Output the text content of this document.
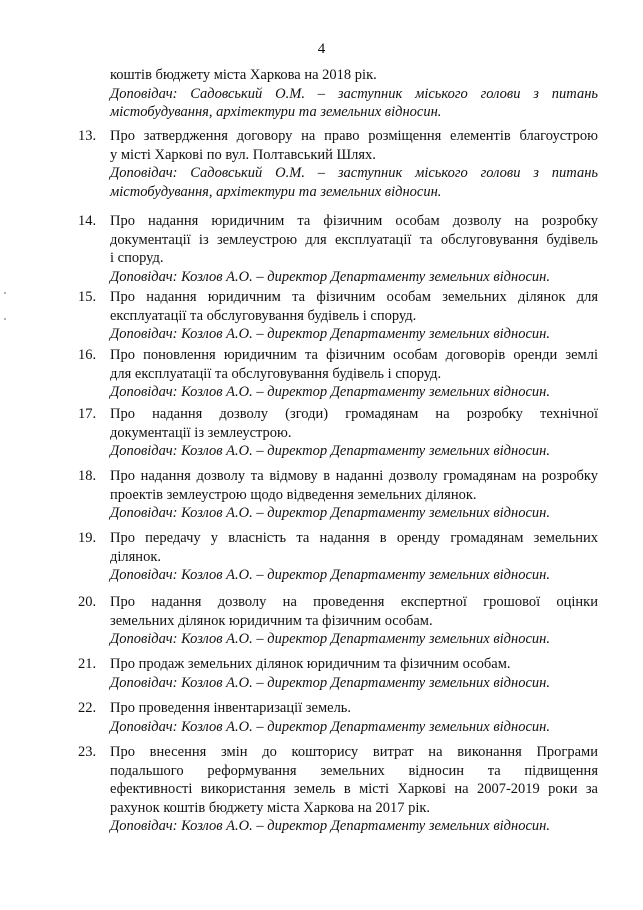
4
коштів бюджету міста Харкова на 2018 рік.
Доповідач: Садовський О.М. – заступник міського голови з питань
містобудування, архітектури та земельних відносин.
13. Про затвердження договору на право розміщення елементів благоустрою
у місті Харкові по вул. Полтавський Шлях.
Доповідач: Садовський О.М. – заступник міського голови з питань
містобудування, архітектури та земельних відносин.
14. Про надання юридичним та фізичним особам дозволу на розробку
документації із землеустрою для експлуатації та обслуговування будівель
і споруд.
Доповідач: Козлов А.О. – директор Департаменту земельних відносин.
15. Про надання юридичним та фізичним особам земельних ділянок для
експлуатації та обслуговування будівель і споруд.
Доповідач: Козлов А.О. – директор Департаменту земельних відносин.
16. Про поновлення юридичним та фізичним особам договорів оренди землі
для експлуатації та обслуговування будівель і споруд.
Доповідач: Козлов А.О. – директор Департаменту земельних відносин.
17. Про надання дозволу (згоди) громадянам на розробку технічної
документації із землеустрою.
Доповідач: Козлов А.О. – директор Департаменту земельних відносин.
18. Про надання дозволу та відмову в наданні дозволу громадянам на розробку
проектів землеустрою щодо відведення земельних ділянок.
Доповідач: Козлов А.О. – директор Департаменту земельних відносин.
19. Про передачу у власність та надання в оренду громадянам земельних
ділянок.
Доповідач: Козлов А.О. – директор Департаменту земельних відносин.
20. Про надання дозволу на проведення експертної грошової оцінки
земельних ділянок юридичним та фізичним особам.
Доповідач: Козлов А.О. – директор Департаменту земельних відносин.
21. Про продаж земельних ділянок юридичним та фізичним особам.
Доповідач: Козлов А.О. – директор Департаменту земельних відносин.
22. Про проведення інвентаризації земель.
Доповідач: Козлов А.О. – директор Департаменту земельних відносин.
23. Про внесення змін до кошторису витрат на виконання Програми
подальшого реформування земельних відносин та підвищення
ефективності використання земель в місті Харкові на 2007-2019 роки за
рахунок коштів бюджету міста Харкова на 2017 рік.
Доповідач: Козлов А.О. – директор Департаменту земельних відносин.
